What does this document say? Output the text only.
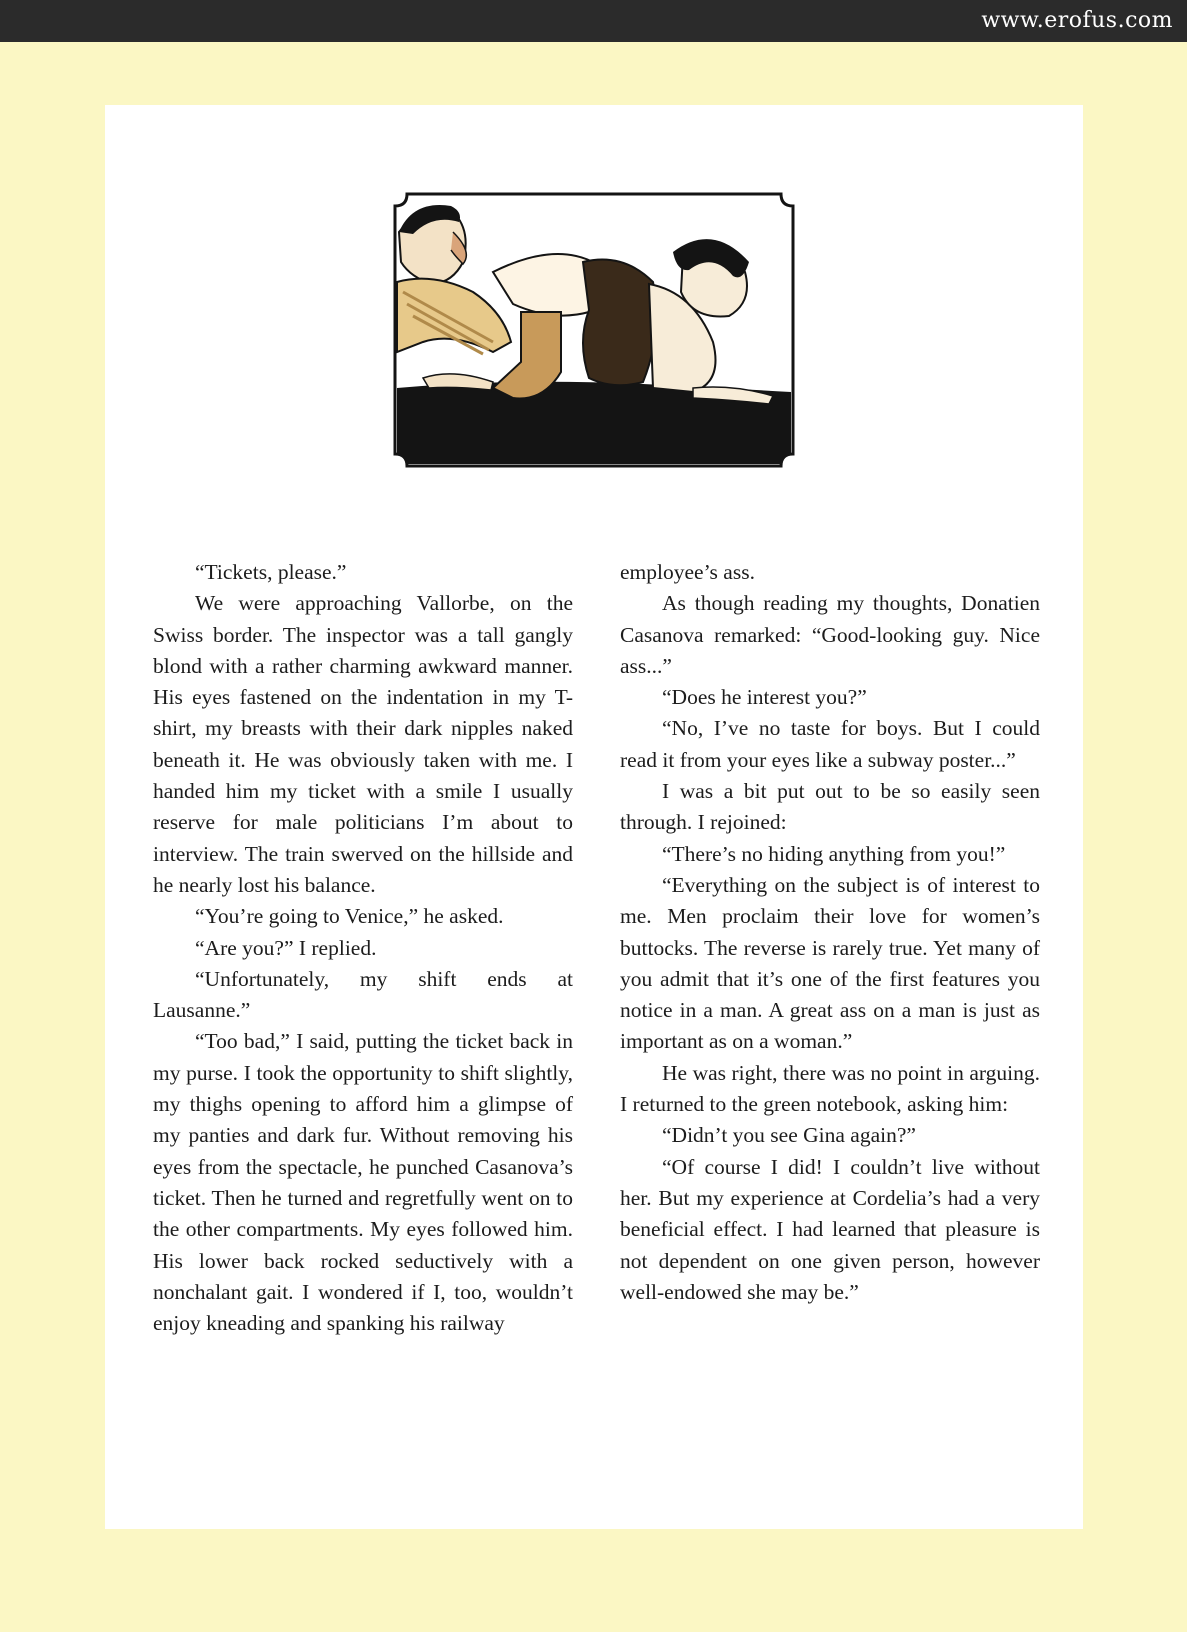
www.erofus.com

“Tickets, please.”

We were approaching Vallorbe, on the Swiss border. The inspector was a tall gangly blond with a rather charming awkward manner. His eyes fastened on the indentation in my T-shirt, my breasts with their dark nipples naked beneath it. He was obviously taken with me. I handed him my ticket with a smile I usually reserve for male politicians I’m about to interview. The train swerved on the hillside and he nearly lost his balance.

“You’re going to Venice,” he asked.

“Are you?” I replied.

“Unfortunately, my shift ends at Lausanne.”

“Too bad,” I said, putting the ticket back in my purse. I took the opportunity to shift slightly, my thighs opening to afford him a glimpse of my panties and dark fur. Without removing his eyes from the spectacle, he punched Casanova’s ticket. Then he turned and regretfully went on to the other compartments. My eyes followed him. His lower back rocked seductively with a nonchalant gait. I wondered if I, too, wouldn’t enjoy kneading and spanking his railway

employee’s ass.

As though reading my thoughts, Donatien Casanova remarked: “Good-looking guy. Nice ass...”

“Does he interest you?”

“No, I’ve no taste for boys. But I could read it from your eyes like a subway poster...”

I was a bit put out to be so easily seen through. I rejoined:

“There’s no hiding anything from you!”

“Everything on the subject is of interest to me. Men proclaim their love for women’s buttocks. The reverse is rarely true. Yet many of you admit that it’s one of the first features you notice in a man. A great ass on a man is just as important as on a woman.”

He was right, there was no point in arguing. I returned to the green notebook, asking him:

“Didn’t you see Gina again?”

“Of course I did! I couldn’t live without her. But my experience at Cordelia’s had a very beneficial effect. I had learned that pleasure is not dependent on one given person, however well-endowed she may be.”
